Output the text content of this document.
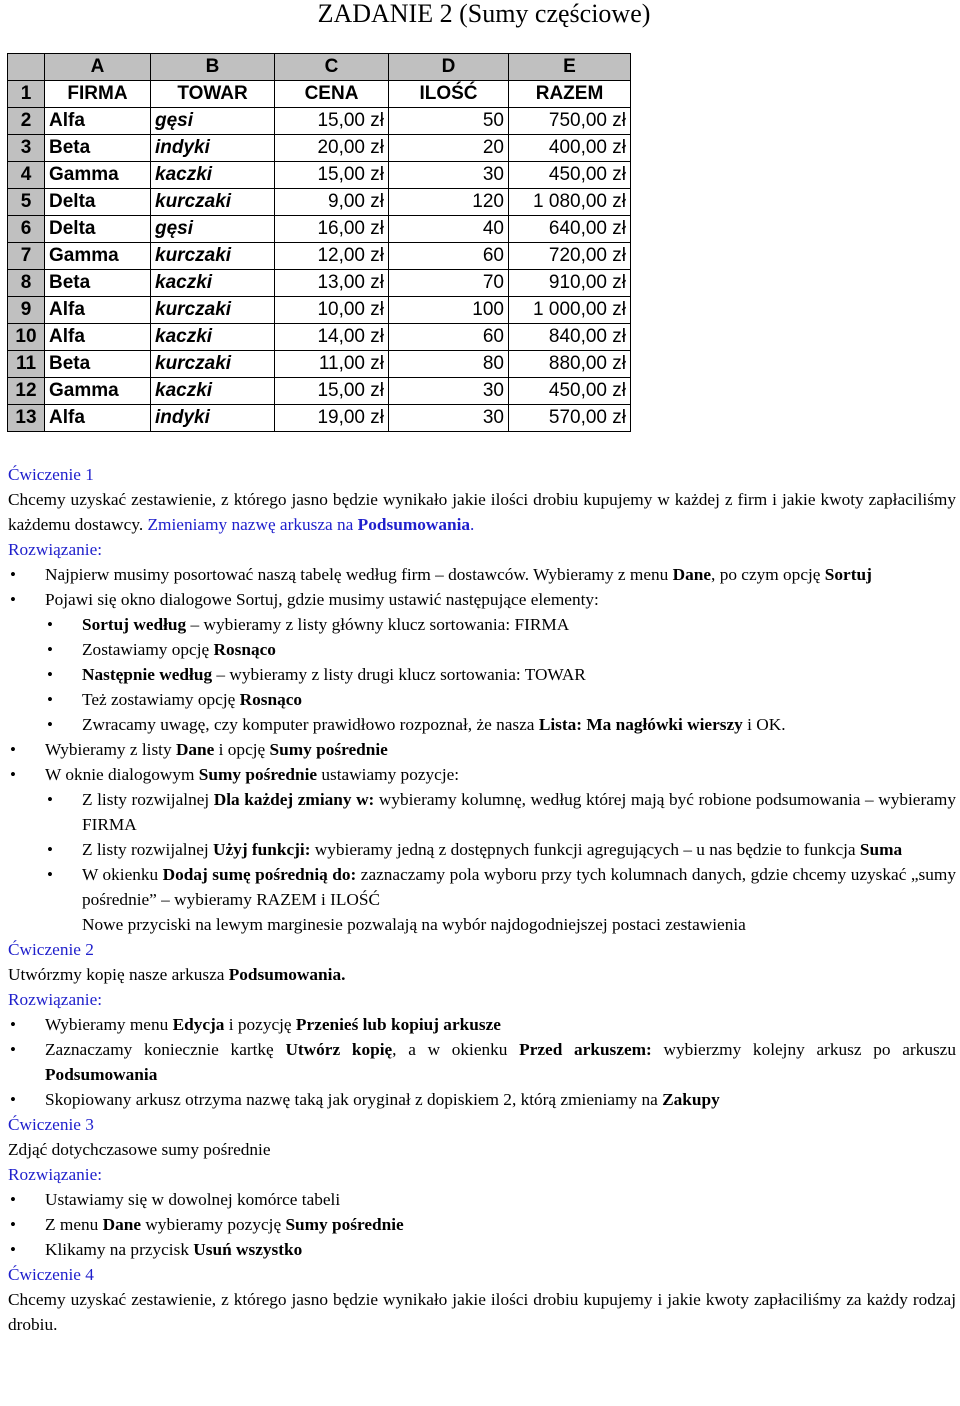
ZADANIE 2 (Sumy częściowe)
	A	B	C	D	E
1	FIRMA	TOWAR	CENA	ILOŚĆ	RAZEM
2	Alfa	gęsi	15,00 zł	50	750,00 zł
3	Beta	indyki	20,00 zł	20	400,00 zł
4	Gamma	kaczki	15,00 zł	30	450,00 zł
5	Delta	kurczaki	9,00 zł	120	1 080,00 zł
6	Delta	gęsi	16,00 zł	40	640,00 zł
7	Gamma	kurczaki	12,00 zł	60	720,00 zł
8	Beta	kaczki	13,00 zł	70	910,00 zł
9	Alfa	kurczaki	10,00 zł	100	1 000,00 zł
10	Alfa	kaczki	14,00 zł	60	840,00 zł
11	Beta	kurczaki	11,00 zł	80	880,00 zł
12	Gamma	kaczki	15,00 zł	30	450,00 zł
13	Alfa	indyki	19,00 zł	30	570,00 zł

Ćwiczenie 1

Chcemy uzyskać zestawienie, z którego jasno będzie wynikało jakie ilości drobiu kupujemy w każdej z firm i jakie kwoty zapłaciliśmy każdemu dostawcy. Zmieniamy nazwę arkusza na Podsumowania.

Rozwiązanie:

• Najpierw musimy posortować naszą tabelę według firm – dostawców. Wybieramy z menu Dane, po czym opcję Sortuj
• Pojawi się okno dialogowe Sortuj, gdzie musimy ustawić następujące elementy:
• Sortuj według – wybieramy z listy główny klucz sortowania: FIRMA
• Zostawiamy opcję Rosnąco
• Następnie według – wybieramy z listy drugi klucz sortowania: TOWAR
• Też zostawiamy opcję Rosnąco
• Zwracamy uwagę, czy komputer prawidłowo rozpoznał, że nasza Lista: Ma nagłówki wierszy i OK.
• Wybieramy z listy Dane i opcję Sumy pośrednie
• W oknie dialogowym Sumy pośrednie ustawiamy pozycje:
• Z listy rozwijalnej Dla każdej zmiany w: wybieramy kolumnę, według której mają być robione podsumowania – wybieramy FIRMA
• Z listy rozwijalnej Użyj funkcji: wybieramy jedną z dostępnych funkcji agregujących – u nas będzie to funkcja Suma
• W okienku Dodaj sumę pośrednią do: zaznaczamy pola wyboru przy tych kolumnach danych, gdzie chcemy uzyskać „sumy pośrednie” – wybieramy RAZEM i ILOŚĆ

Nowe przyciski na lewym marginesie pozwalają na wybór najdogodniejszej postaci zestawienia

Ćwiczenie 2

Utwórzmy kopię nasze arkusza Podsumowania.

Rozwiązanie:

• Wybieramy menu Edycja i pozycję Przenieś lub kopiuj arkusze
• Zaznaczamy koniecznie kartkę Utwórz kopię, a w okienku Przed arkuszem: wybierzmy kolejny arkusz po arkuszu Podsumowania
• Skopiowany arkusz otrzyma nazwę taką jak oryginał z dopiskiem 2, którą zmieniamy na Zakupy

Ćwiczenie 3

Zdjąć dotychczasowe sumy pośrednie

Rozwiązanie:

• Ustawiamy się w dowolnej komórce tabeli
• Z menu Dane wybieramy pozycję Sumy pośrednie
• Klikamy na przycisk Usuń wszystko

Ćwiczenie 4

Chcemy uzyskać zestawienie, z którego jasno będzie wynikało jakie ilości drobiu kupujemy i jakie kwoty zapłaciliśmy za każdy rodzaj drobiu.
